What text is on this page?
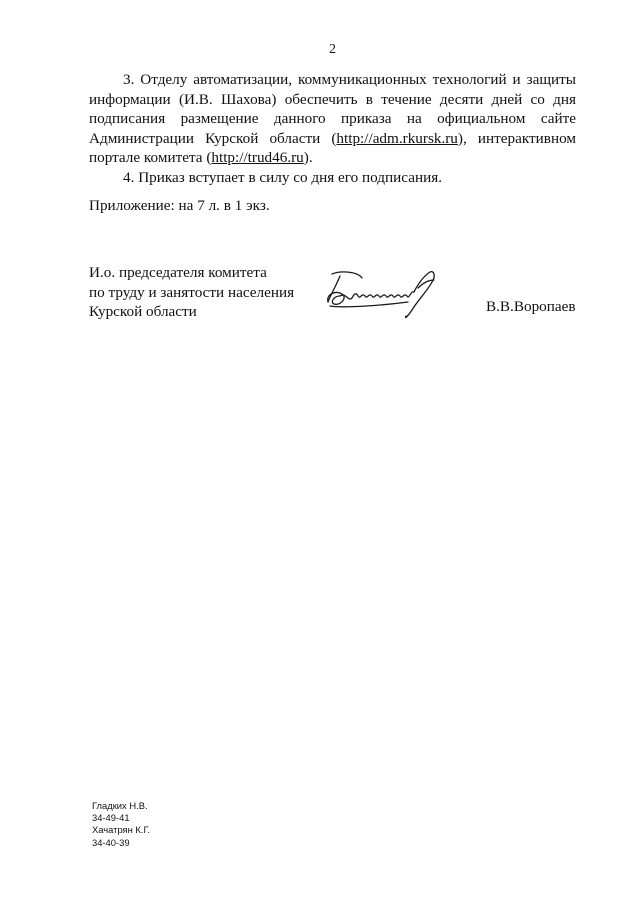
2

3. Отделу автоматизации, коммуникационных технологий и защиты информации (И.В. Шахова) обеспечить в течение десяти дней со дня подписания размещение данного приказа на официальном сайте Администрации Курской области (http://adm.rkursk.ru), интерактивном портале комитета (http://trud46.ru).

4. Приказ вступает в силу со дня его подписания.

Приложение: на 7 л. в 1 экз.
И.о. председателя комитета
по труду и занятости населения
Курской области	В.В.Воропаев
Гладких Н.В.
34-49-41
Хачатрян К.Г.
34-40-39
